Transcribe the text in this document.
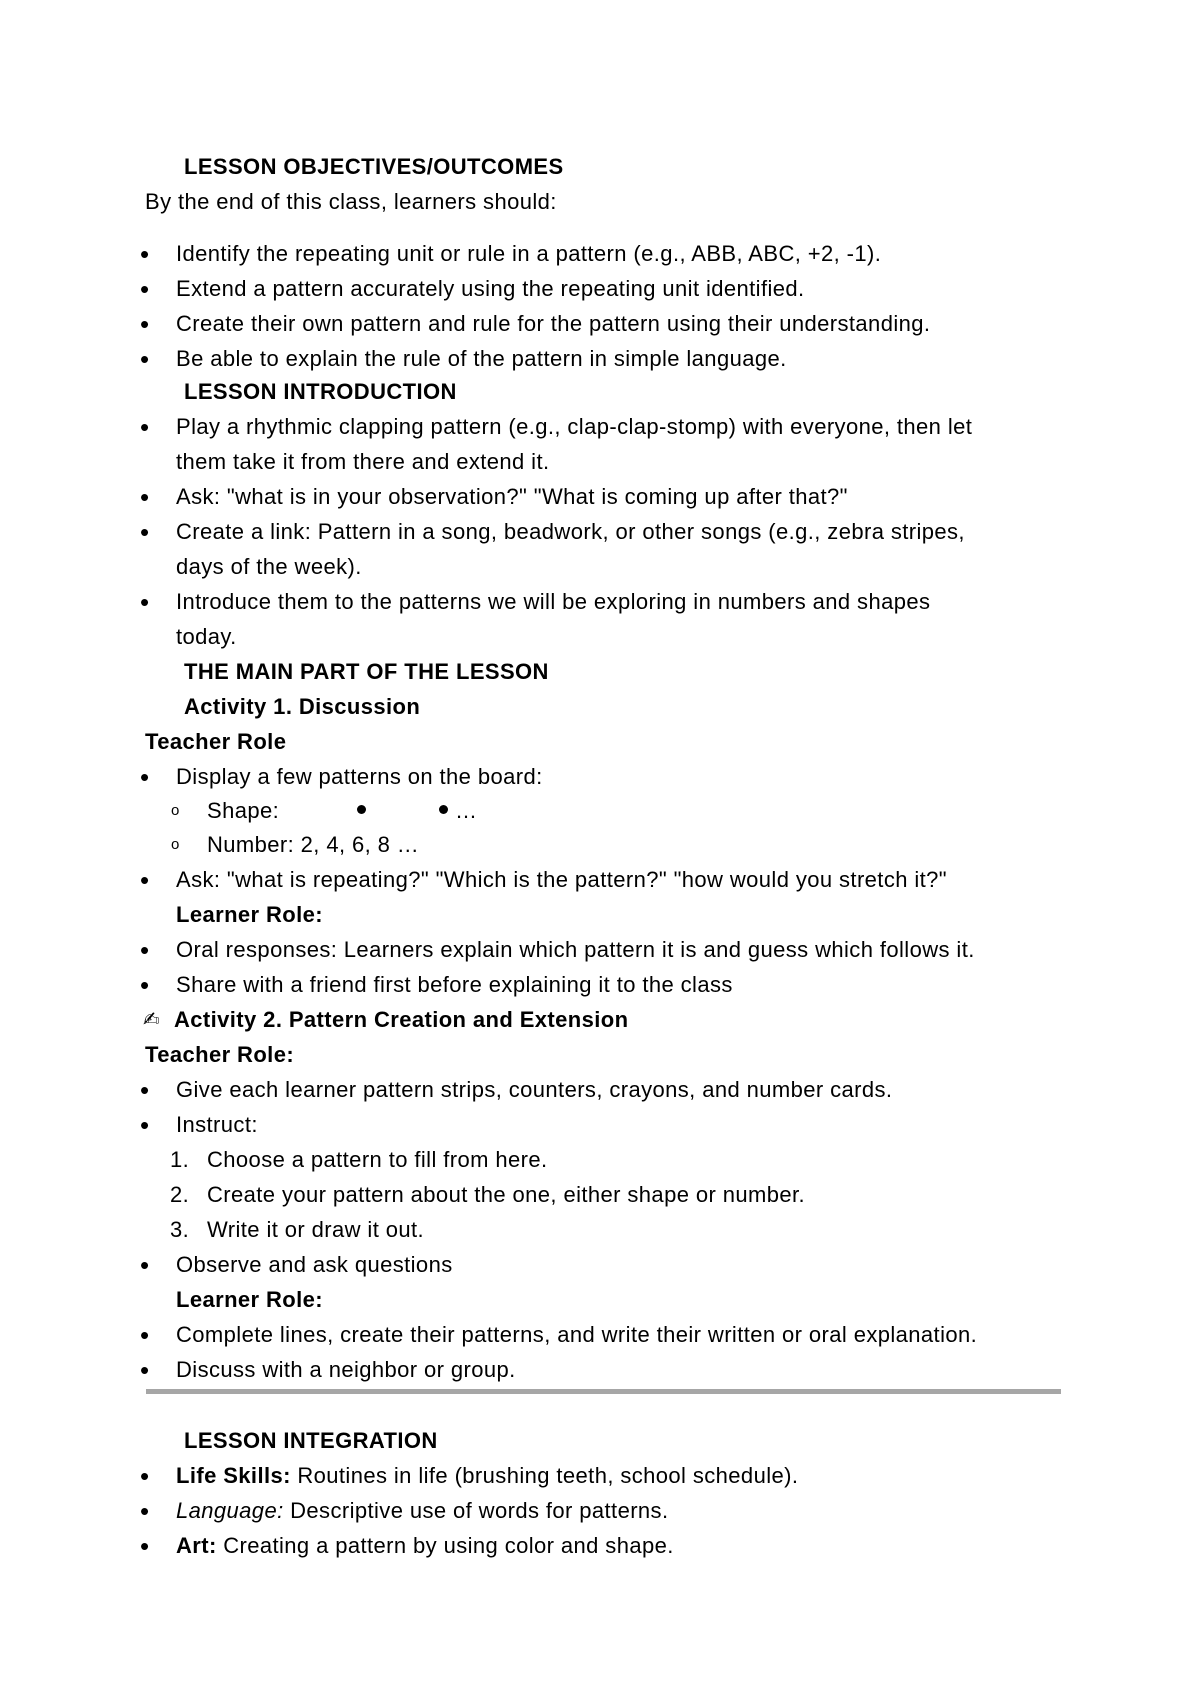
LESSON OBJECTIVES/OUTCOMES
By the end of this class, learners should:
• Identify the repeating unit or rule in a pattern (e.g., ABB, ABC, +2, -1).
• Extend a pattern accurately using the repeating unit identified.
• Create their own pattern and rule for the pattern using their understanding.
• Be able to explain the rule of the pattern in simple language.
LESSON INTRODUCTION
• Play a rhythmic clapping pattern (e.g., clap-clap-stomp) with everyone, then let
them take it from there and extend it.
• Ask: "what is in your observation?" "What is coming up after that?"
• Create a link: Pattern in a song, beadwork, or other songs (e.g., zebra stripes,
days of the week).
• Introduce them to the patterns we will be exploring in numbers and shapes
today.
THE MAIN PART OF THE LESSON
Activity 1. Discussion
Teacher Role
• Display a few patterns on the board:
o Shape:	…
o Number: 2, 4, 6, 8 …
• Ask: "what is repeating?" "Which is the pattern?" "how would you stretch it?"
Learner Role:
• Oral responses: Learners explain which pattern it is and guess which follows it.
• Share with a friend first before explaining it to the class
✍ Activity 2. Pattern Creation and Extension
Teacher Role:
• Give each learner pattern strips, counters, crayons, and number cards.
• Instruct:
1. Choose a pattern to fill from here.
2. Create your pattern about the one, either shape or number.
3. Write it or draw it out.
• Observe and ask questions
Learner Role:
• Complete lines, create their patterns, and write their written or oral explanation.
• Discuss with a neighbor or group.
LESSON INTEGRATION
• Life Skills: Routines in life (brushing teeth, school schedule).
• Language: Descriptive use of words for patterns.
• Art: Creating a pattern by using color and shape.
